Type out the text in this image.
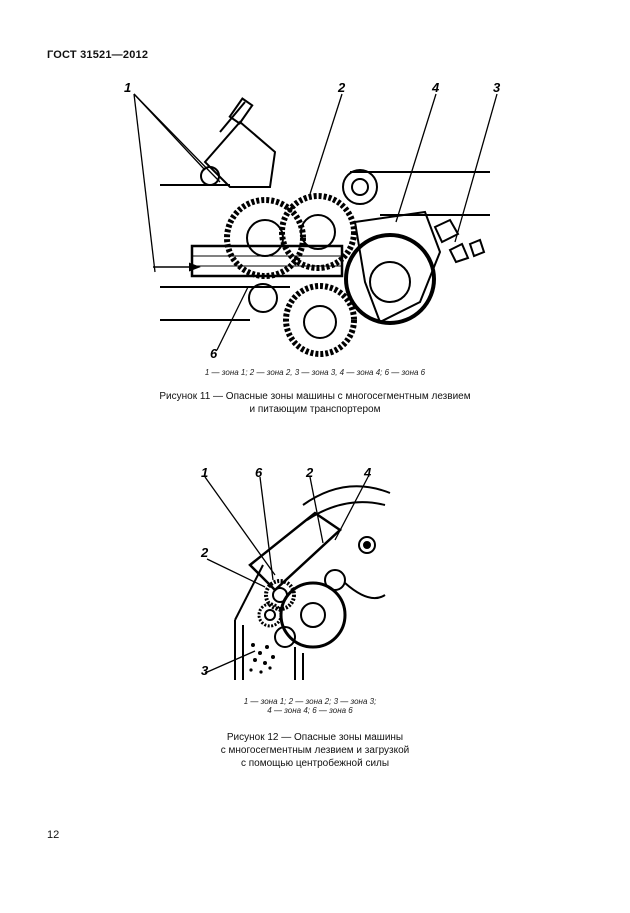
ГОСТ 31521—2012
1	2	4	3
6
1 — зона 1; 2 — зона 2, 3 — зона 3, 4 — зона 4; 6 — зона 6
Рисунок 11 — Опасные зоны машины с многосегментным лезвием
и питающим транспортером
1	6	2	4
2
3
1 — зона 1; 2 — зона 2; 3 — зона 3;
4 — зона 4; 6 — зона 6
Рисунок 12 — Опасные зоны машины
с многосегментным лезвием и загрузкой
с помощью центробежной силы
12
